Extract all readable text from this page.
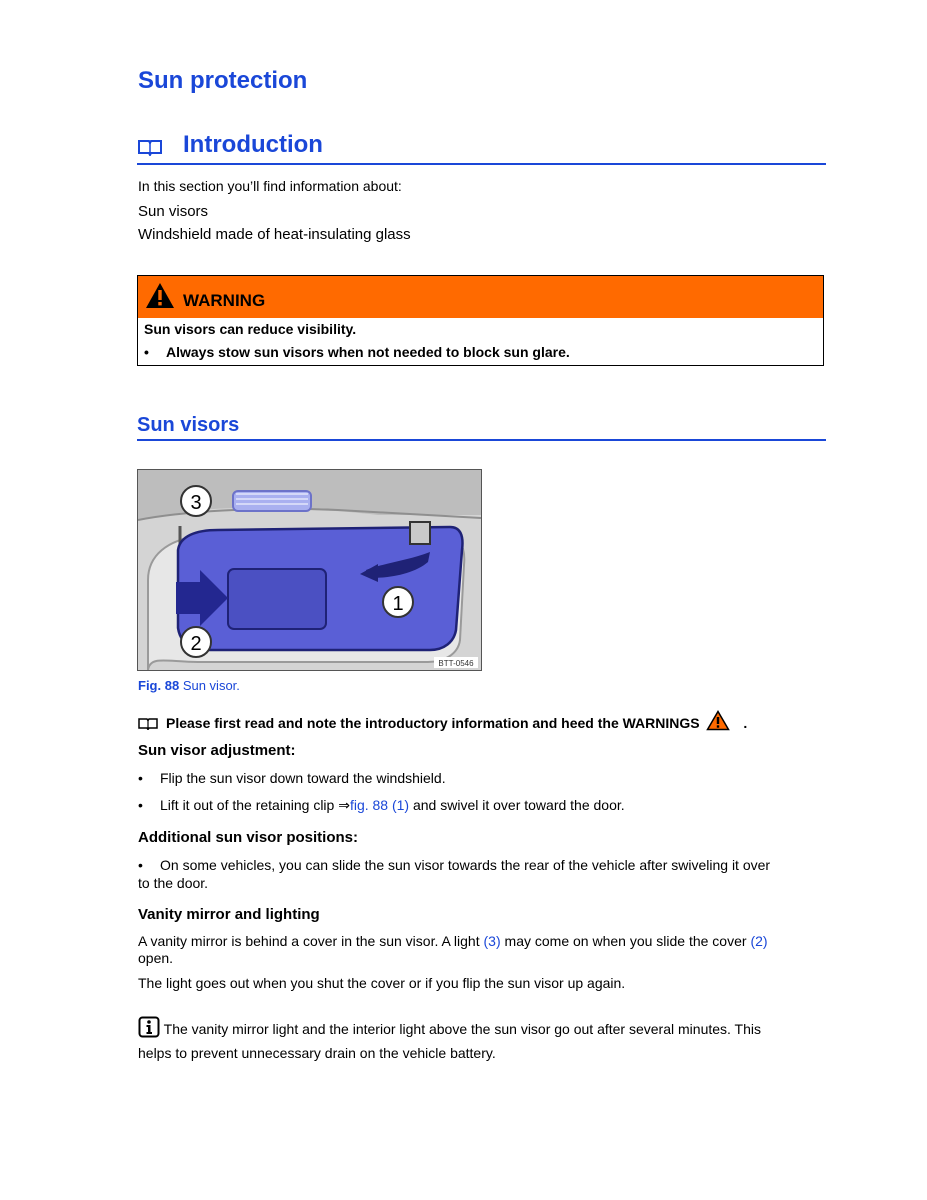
Sun protection
Introduction
In this section you’ll find information about:
Sun visors
Windshield made of heat-insulating glass
WARNING
Sun visors can reduce visibility.
• Always stow sun visors when not needed to block sun glare.
Sun visors
3
1
2
BTT-0546
Fig. 88 Sun visor.
Please first read and note the introductory information and heed the WARNINGS	.
Sun visor adjustment:
• Flip the sun visor down toward the windshield.
• Lift it out of the retaining clip ⇒fig. 88 (1) and swivel it over toward the door.
Additional sun visor positions:
• On some vehicles, you can slide the sun visor towards the rear of the vehicle after swiveling it over
to the door.
Vanity mirror and lighting
A vanity mirror is behind a cover in the sun visor. A light (3) may come on when you slide the cover (2)
open.
The light goes out when you shut the cover or if you flip the sun visor up again.
The vanity mirror light and the interior light above the sun visor go out after several minutes. This
helps to prevent unnecessary drain on the vehicle battery.
